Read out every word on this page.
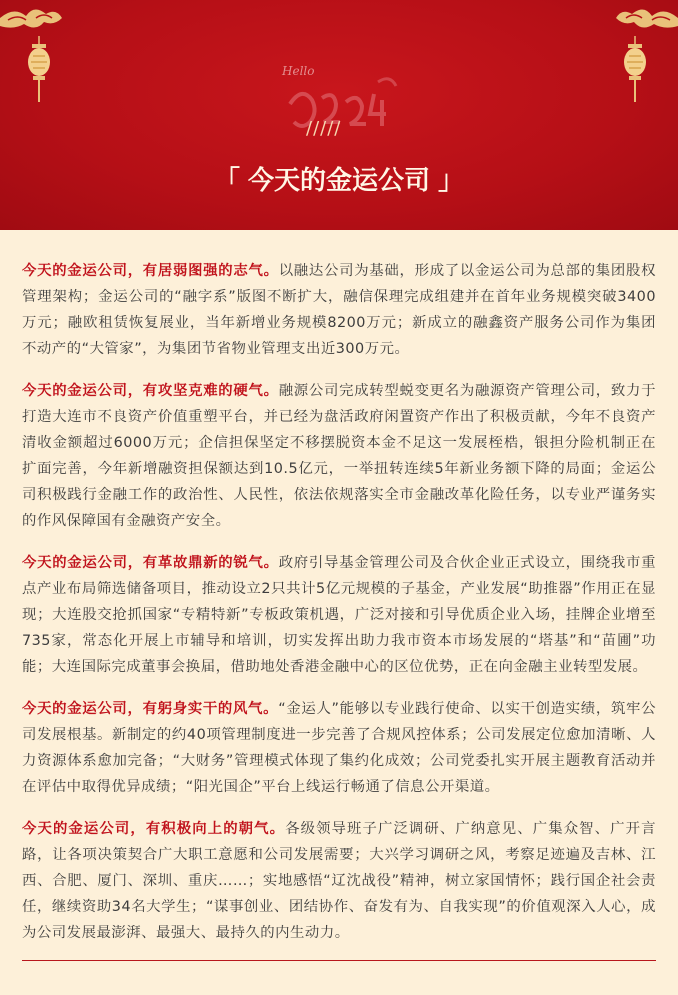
Hello
/////
「 今天的金运公司 」

今天的金运公司，有居弱图强的志气。以融达公司为基础，形成了以金运公司为总部的集团股权管理架构；金运公司的“融字系”版图不断扩大，融信保理完成组建并在首年业务规模突破3400万元；融欧租赁恢复展业，当年新增业务规模8200万元；新成立的融鑫资产服务公司作为集团不动产的“大管家”，为集团节省物业管理支出近300万元。

今天的金运公司，有攻坚克难的硬气。融源公司完成转型蜕变更名为融源资产管理公司，致力于打造大连市不良资产价值重塑平台，并已经为盘活政府闲置资产作出了积极贡献，今年不良资产清收金额超过6000万元；企信担保坚定不移摆脱资本金不足这一发展桎梏，银担分险机制正在扩面完善，今年新增融资担保额达到10.5亿元，一举扭转连续5年新业务额下降的局面；金运公司积极践行金融工作的政治性、人民性，依法依规落实全市金融改革化险任务，以专业严谨务实的作风保障国有金融资产安全。

今天的金运公司，有革故鼎新的锐气。政府引导基金管理公司及合伙企业正式设立，围绕我市重点产业布局筛选储备项目，推动设立2只共计5亿元规模的子基金，产业发展“助推器”作用正在显现；大连股交抢抓国家“专精特新”专板政策机遇，广泛对接和引导优质企业入场，挂牌企业增至735家，常态化开展上市辅导和培训，切实发挥出助力我市资本市场发展的“塔基”和“苗圃”功能；大连国际完成董事会换届，借助地处香港金融中心的区位优势，正在向金融主业转型发展。

今天的金运公司，有躬身实干的风气。“金运人”能够以专业践行使命、以实干创造实绩，筑牢公司发展根基。新制定的约40项管理制度进一步完善了合规风控体系；公司发展定位愈加清晰、人力资源体系愈加完备；“大财务”管理模式体现了集约化成效；公司党委扎实开展主题教育活动并在评估中取得优异成绩；“阳光国企”平台上线运行畅通了信息公开渠道。

今天的金运公司，有积极向上的朝气。各级领导班子广泛调研、广纳意见、广集众智、广开言路，让各项决策契合广大职工意愿和公司发展需要；大兴学习调研之风，考察足迹遍及吉林、江西、合肥、厦门、深圳、重庆……；实地感悟“辽沈战役”精神，树立家国情怀；践行国企社会责任，继续资助34名大学生；“谋事创业、团结协作、奋发有为、自我实现”的价值观深入人心，成为公司发展最澎湃、最强大、最持久的内生动力。
